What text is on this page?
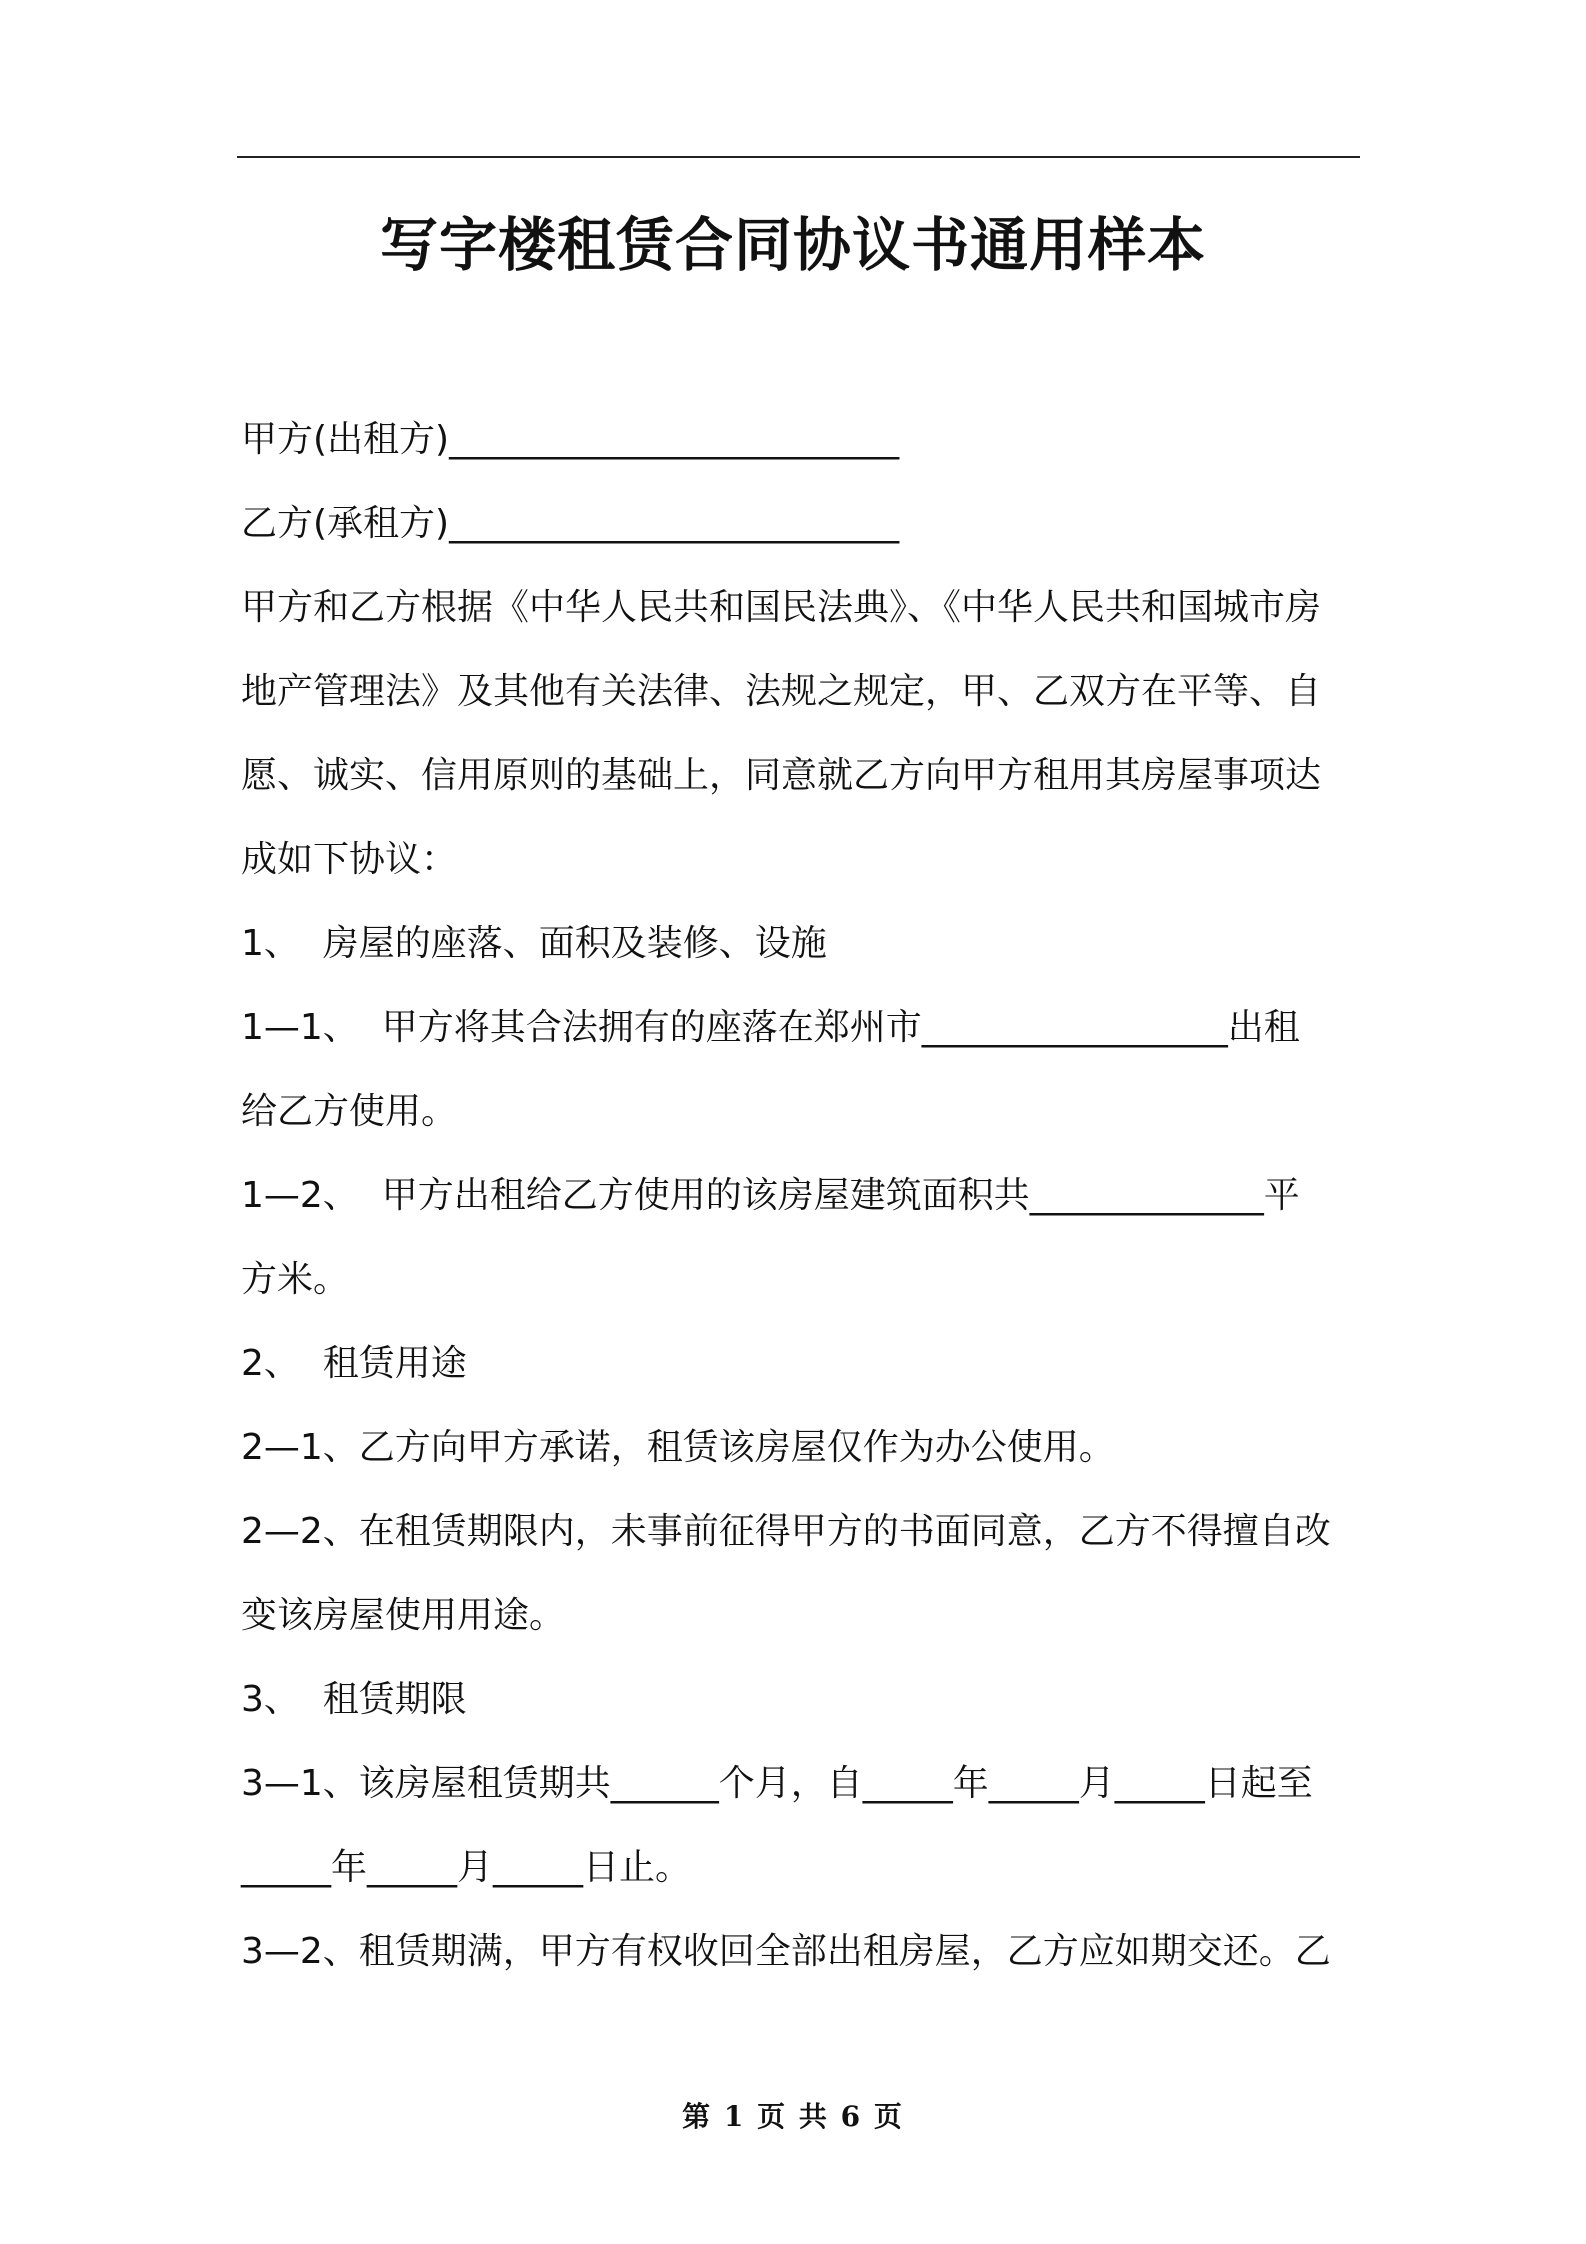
写字楼租赁合同协议书通用样本
甲方(出租方)_________________________
乙方(承租方)_________________________
甲方和乙方根据《中华人民共和国民法典》、《中华人民共和国城市房
地产管理法》及其他有关法律、法规之规定，甲、乙双方在平等、自
愿、诚实、信用原则的基础上，同意就乙方向甲方租用其房屋事项达
成如下协议：
1、  房屋的座落、面积及装修、设施
1—1、  甲方将其合法拥有的座落在郑州市_________________出租
给乙方使用。
1—2、  甲方出租给乙方使用的该房屋建筑面积共_____________平
方米。
2、  租赁用途
2—1、乙方向甲方承诺，租赁该房屋仅作为办公使用。
2—2、在租赁期限内，未事前征得甲方的书面同意，乙方不得擅自改
变该房屋使用用途。
3、  租赁期限
3—1、该房屋租赁期共______个月，自_____年_____月_____日起至
_____年_____月_____日止。
3—2、租赁期满，甲方有权收回全部出租房屋，乙方应如期交还。乙
第 1 页 共 6 页
